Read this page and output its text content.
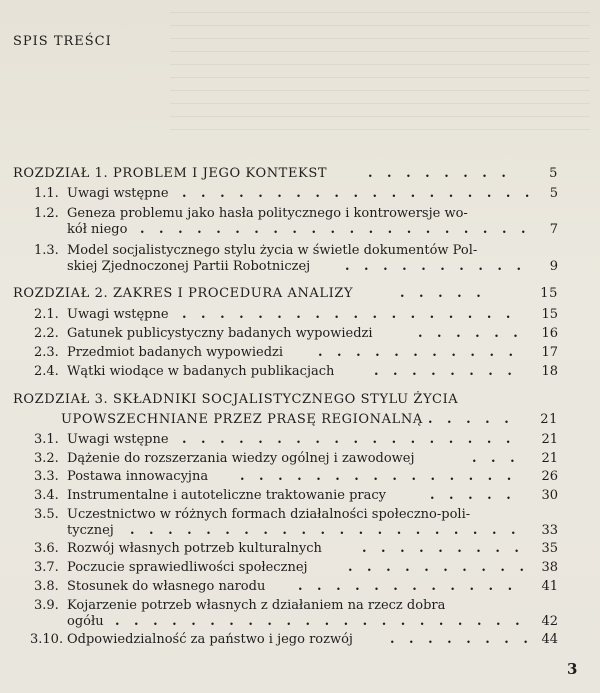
SPIS TREŚCI
ROZDZIAŁ 1. PROBLEM I JEGO KONTEKST	. . . . . . . .	5
1.1. Uwagi wstępne . . . . . . . . . . . . . . . . . . . 5
1.2. Geneza problemu jako hasła politycznego i kontrowersje wo-
kół niego . . . . . . . . . . . . . . . . . . . . . 7
1.3. Model socjalistycznego stylu życia w świetle dokumentów Pol-
skiej Zjednoczonej Partii Robotniczej	. . . . . . . . . . 9
ROZDZIAŁ 2. ZAKRES I PROCEDURA ANALIZY	. . . . .	15
2.1. Uwagi wstępne . . . . . . . . . . . . . . . . . . 15
2.2. Gatunek publicystyczny badanych wypowiedzi	. . . . . . 16
2.3. Przedmiot badanych wypowiedzi	. . . . . . . . . . . 17
2.4. Wątki wiodące w badanych publikacjach	. . . . . . . . 18
ROZDZIAŁ 3. SKŁADNIKI SOCJALISTYCZNEGO STYLU ŻYCIA
UPOWSZECHNIANE PRZEZ PRASĘ REGIONALNĄ . . . . . 21
3.1. Uwagi wstępne . . . . . . . . . . . . . . . . . . 21
3.2. Dążenie do rozszerzania wiedzy ogólnej i zawodowej	. . . 21
3.3. Postawa innowacyjna . . . . . . . . . . . . . . . 26
3.4. Instrumentalne i autoteliczne traktowanie pracy	. . . . . 30
3.5. Uczestnictwo w różnych formach działalności społeczno-poli-
tycznej	. . . . . . . . . . . . . . . . . . . . . 33
3.6. Rozwój własnych potrzeb kulturalnych	. . . . . . . . . 35
3.7. Poczucie sprawiedliwości społecznej	. . . . . . . . . . 38
3.8. Stosunek do własnego narodu	. . . . . . . . . . . . 41
3.9. Kojarzenie potrzeb własnych z działaniem na rzecz dobra
ogółu . . . . . . . . . . . . . . . . . . . . . . 42
3.10. Odpowiedzialność za państwo i jego rozwój	. . . . . . . . 44
3
